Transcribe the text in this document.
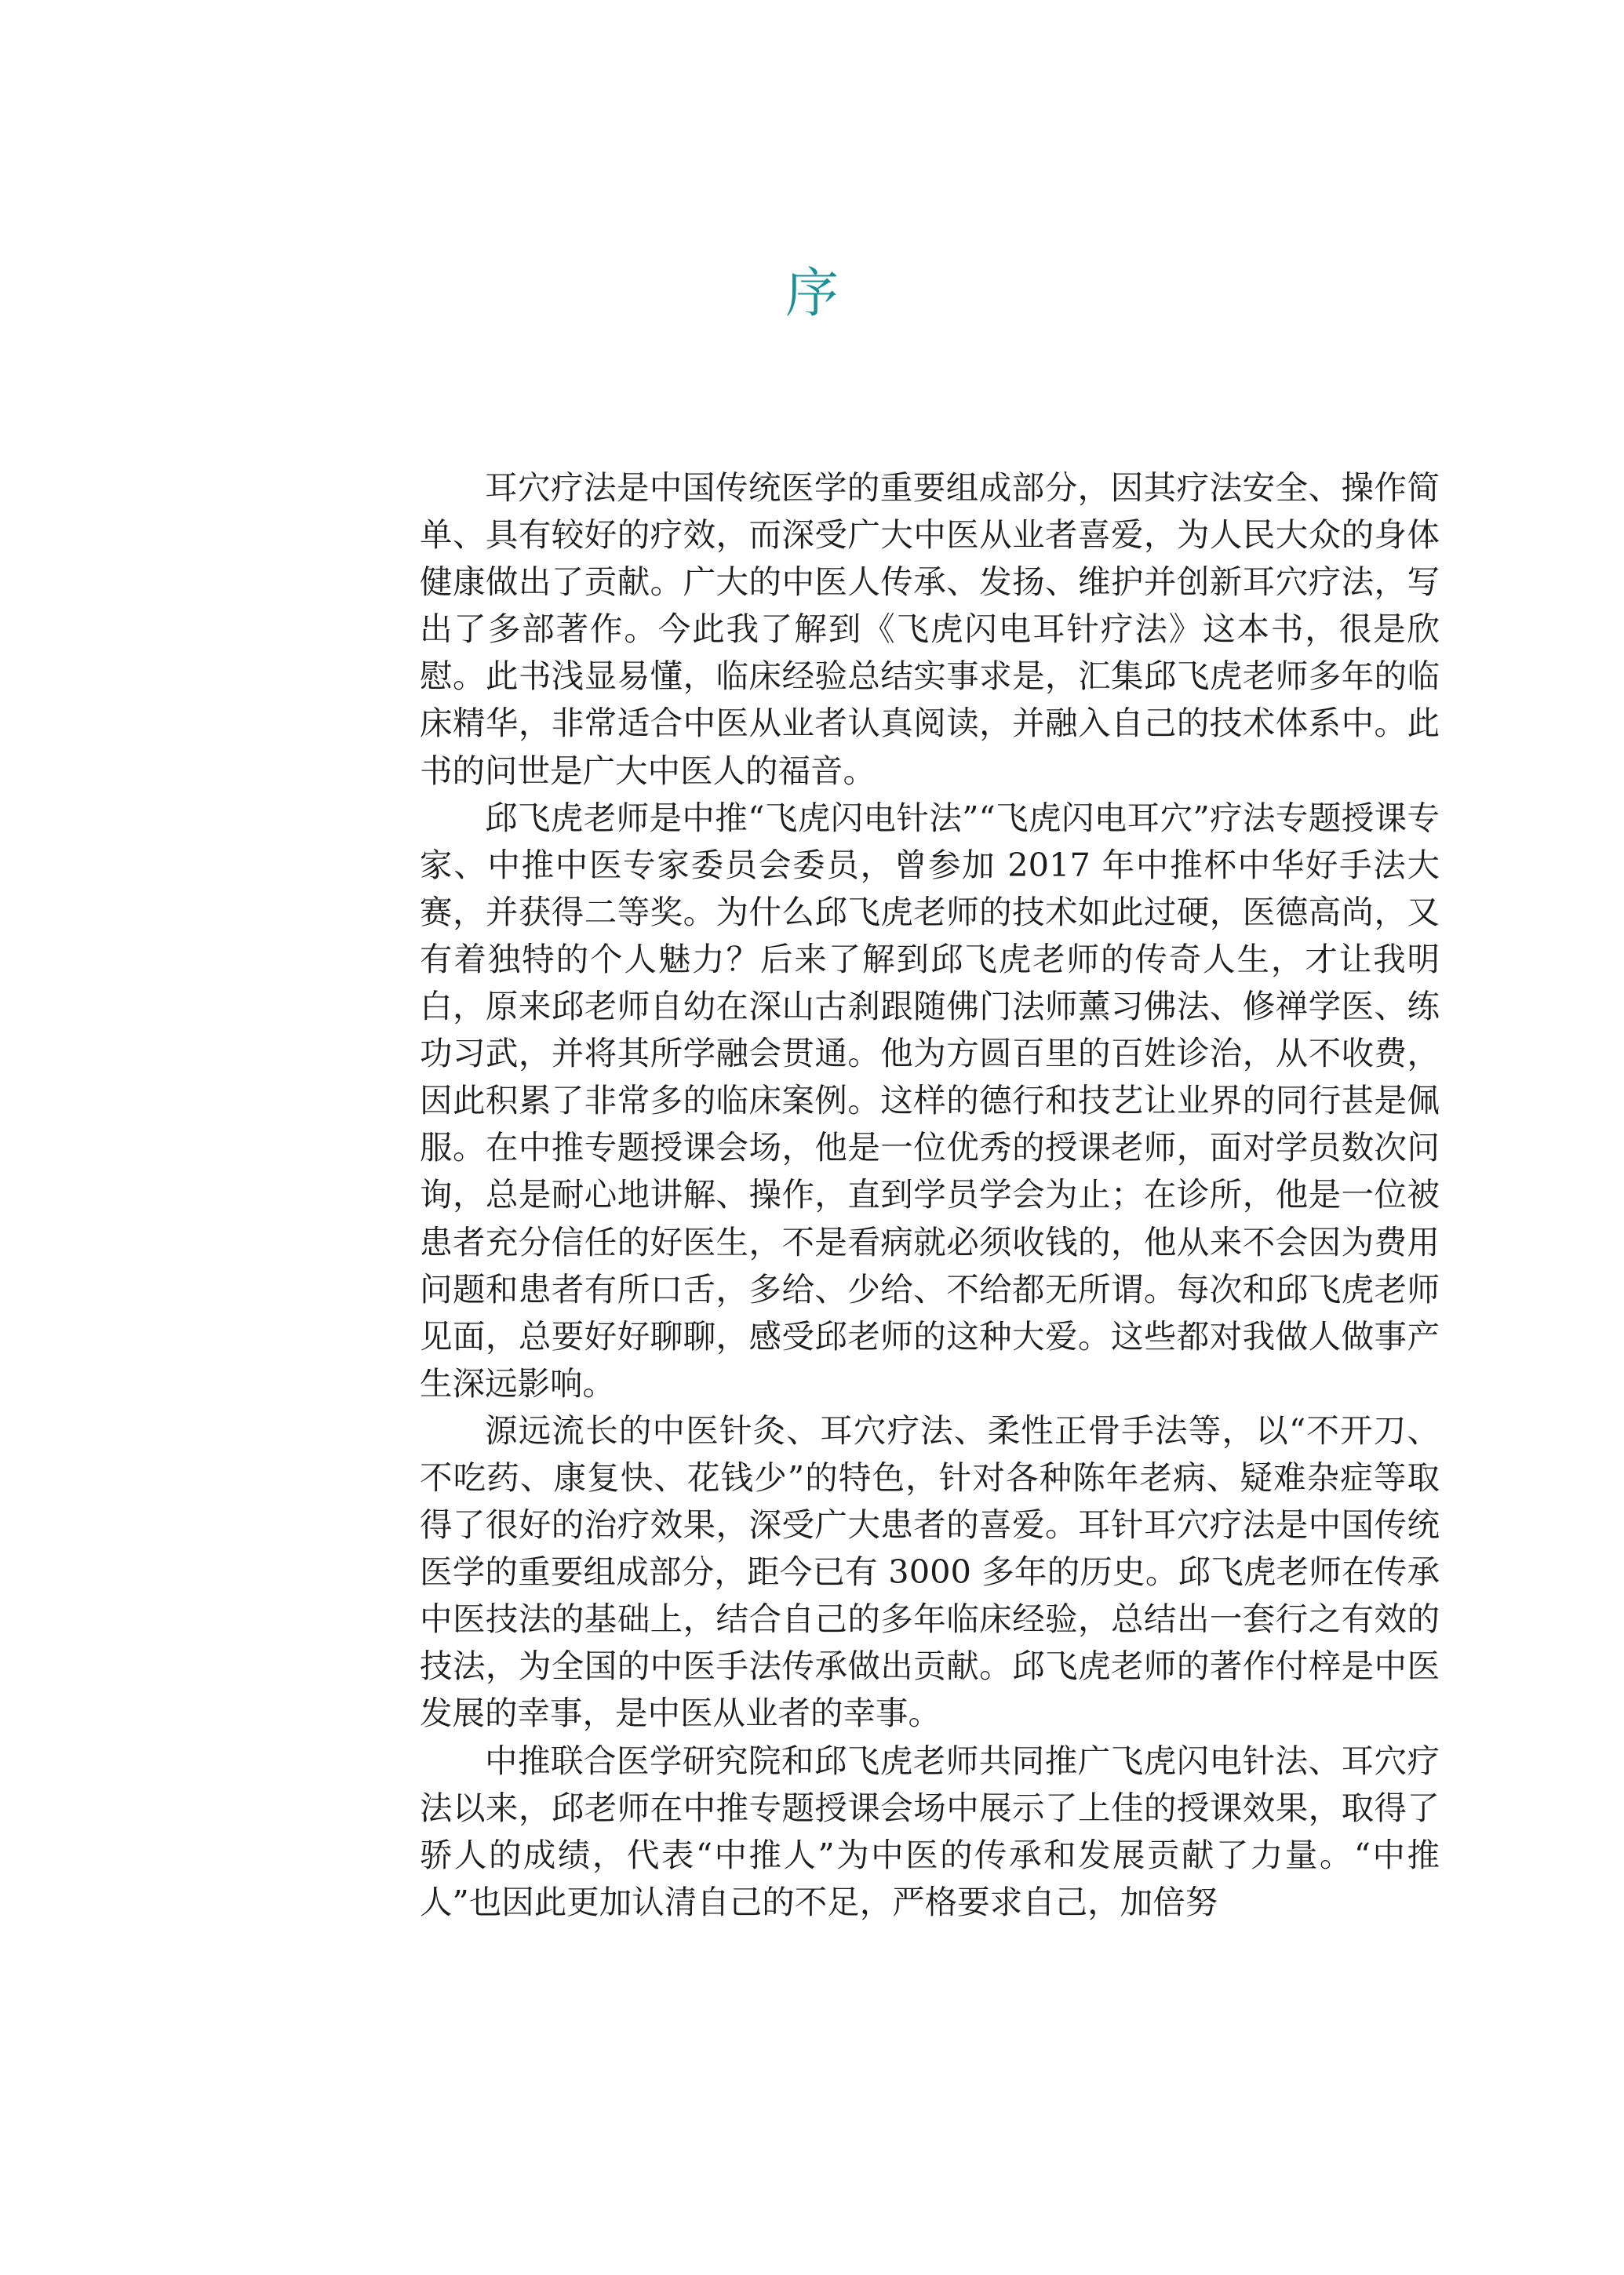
序

耳穴疗法是中国传统医学的重要组成部分，因其疗法安全、操作简单、具有较好的疗效，而深受广大中医从业者喜爱，为人民大众的身体健康做出了贡献。广大的中医人传承、发扬、维护并创新耳穴疗法，写出了多部著作。今此我了解到《飞虎闪电耳针疗法》这本书，很是欣慰。此书浅显易懂，临床经验总结实事求是，汇集邱飞虎老师多年的临床精华，非常适合中医从业者认真阅读，并融入自己的技术体系中。此书的问世是广大中医人的福音。

邱飞虎老师是中推“飞虎闪电针法”“飞虎闪电耳穴”疗法专题授课专家、中推中医专家委员会委员，曾参加 2017 年中推杯中华好手法大赛，并获得二等奖。为什么邱飞虎老师的技术如此过硬，医德高尚，又有着独特的个人魅力？后来了解到邱飞虎老师的传奇人生，才让我明白，原来邱老师自幼在深山古刹跟随佛门法师薰习佛法、修禅学医、练功习武，并将其所学融会贯通。他为方圆百里的百姓诊治，从不收费，因此积累了非常多的临床案例。这样的德行和技艺让业界的同行甚是佩服。在中推专题授课会场，他是一位优秀的授课老师，面对学员数次问询，总是耐心地讲解、操作，直到学员学会为止；在诊所，他是一位被患者充分信任的好医生，不是看病就必须收钱的，他从来不会因为费用问题和患者有所口舌，多给、少给、不给都无所谓。每次和邱飞虎老师见面，总要好好聊聊，感受邱老师的这种大爱。这些都对我做人做事产生深远影响。

源远流长的中医针灸、耳穴疗法、柔性正骨手法等，以“不开刀、不吃药、康复快、花钱少”的特色，针对各种陈年老病、疑难杂症等取得了很好的治疗效果，深受广大患者的喜爱。耳针耳穴疗法是中国传统医学的重要组成部分，距今已有 3000 多年的历史。邱飞虎老师在传承中医技法的基础上，结合自己的多年临床经验，总结出一套行之有效的技法，为全国的中医手法传承做出贡献。邱飞虎老师的著作付梓是中医发展的幸事，是中医从业者的幸事。

中推联合医学研究院和邱飞虎老师共同推广飞虎闪电针法、耳穴疗法以来，邱老师在中推专题授课会场中展示了上佳的授课效果，取得了骄人的成绩，代表“中推人”为中医的传承和发展贡献了力量。“中推人”也因此更加认清自己的不足，严格要求自己，加倍努
